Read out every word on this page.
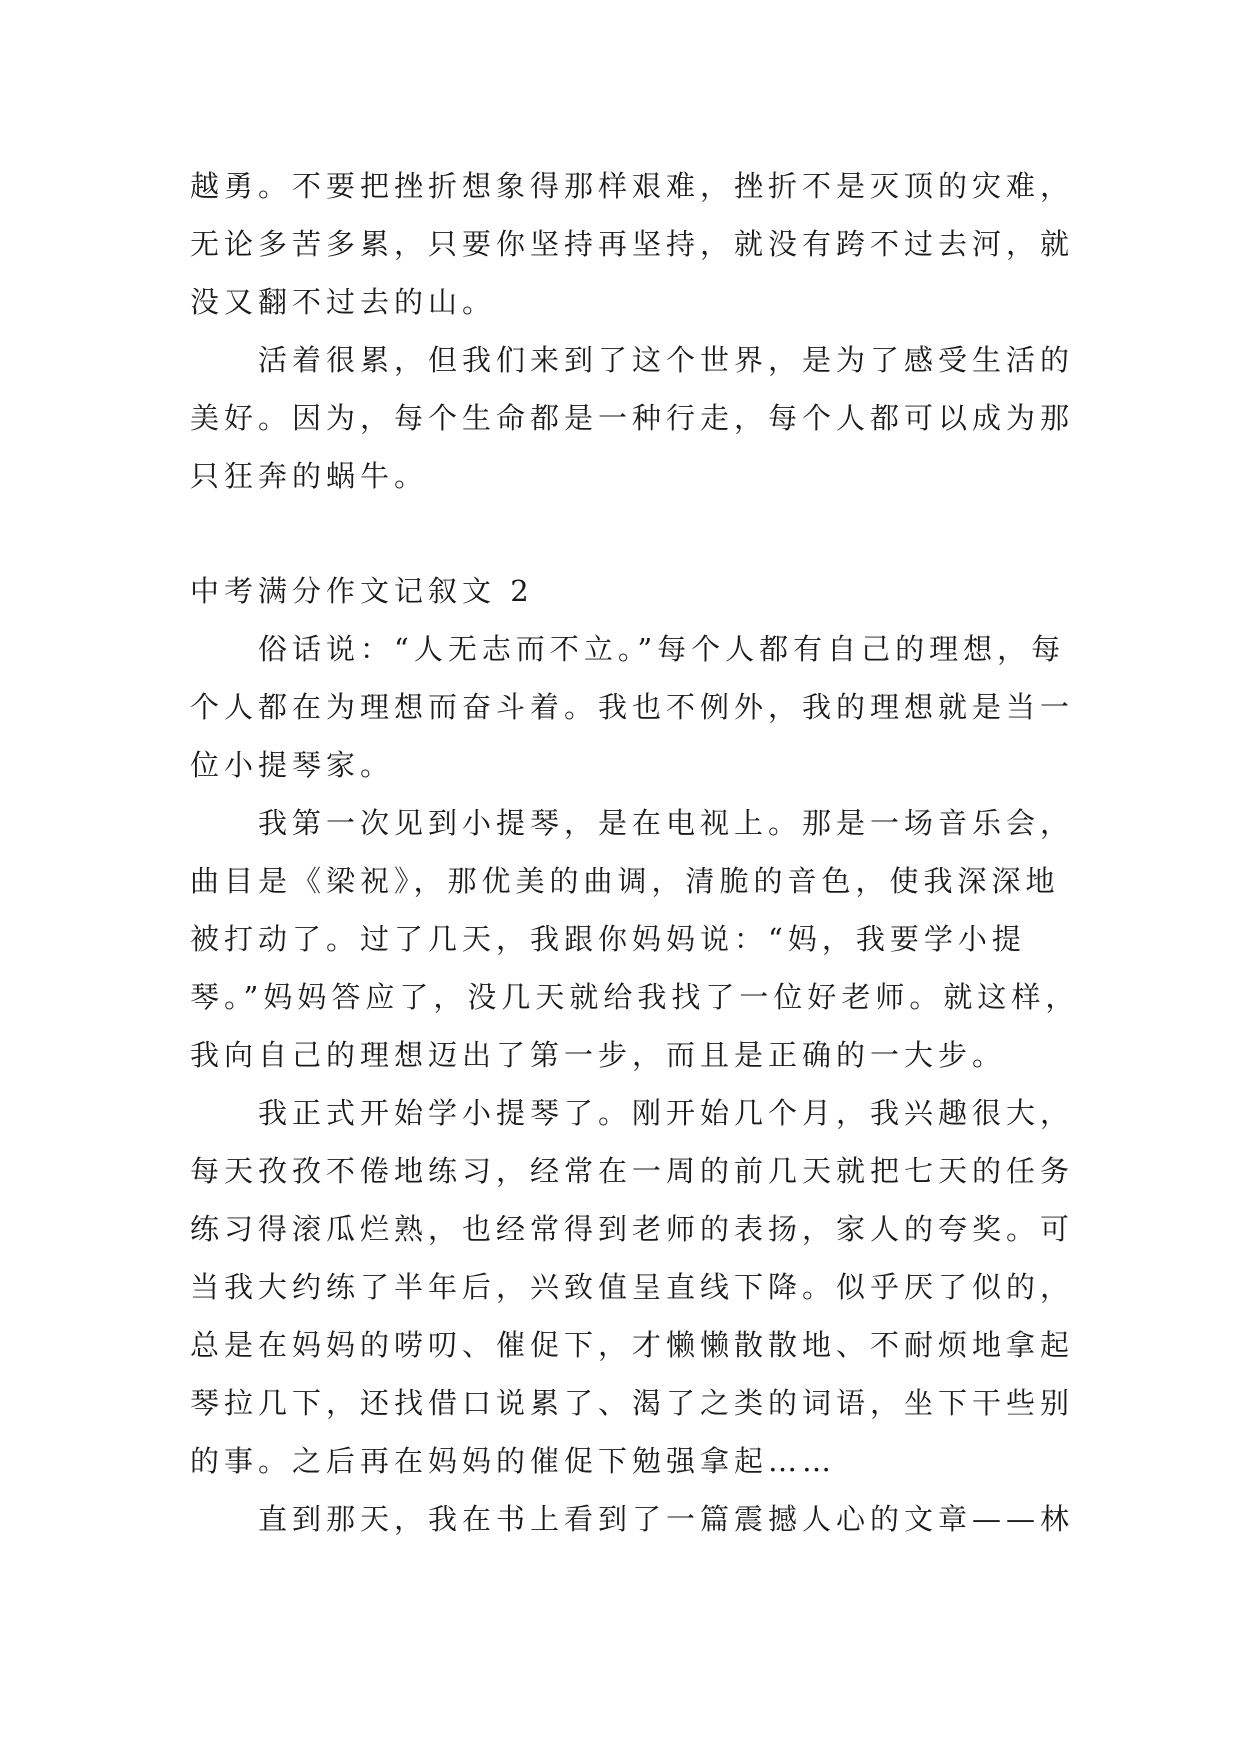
越勇。不要把挫折想象得那样艰难，挫折不是灭顶的灾难，
无论多苦多累，只要你坚持再坚持，就没有跨不过去河，就
没又翻不过去的山。
活着很累，但我们来到了这个世界，是为了感受生活的
美好。因为，每个生命都是一种行走，每个人都可以成为那
只狂奔的蜗牛。
中考满分作文记叙文 2
俗话说：“人无志而不立。”每个人都有自己的理想，每
个人都在为理想而奋斗着。我也不例外，我的理想就是当一
位小提琴家。
我第一次见到小提琴，是在电视上。那是一场音乐会，
曲目是《梁祝》，那优美的曲调，清脆的音色，使我深深地
被打动了。过了几天，我跟你妈妈说：“妈，我要学小提
琴。”妈妈答应了，没几天就给我找了一位好老师。就这样，
我向自己的理想迈出了第一步，而且是正确的一大步。
我正式开始学小提琴了。刚开始几个月，我兴趣很大，
每天孜孜不倦地练习，经常在一周的前几天就把七天的任务
练习得滚瓜烂熟，也经常得到老师的表扬，家人的夸奖。可
当我大约练了半年后，兴致值呈直线下降。似乎厌了似的，
总是在妈妈的唠叨、催促下，才懒懒散散地、不耐烦地拿起
琴拉几下，还找借口说累了、渴了之类的词语，坐下干些别
的事。之后再在妈妈的催促下勉强拿起……
直到那天，我在书上看到了一篇震撼人心的文章——林
